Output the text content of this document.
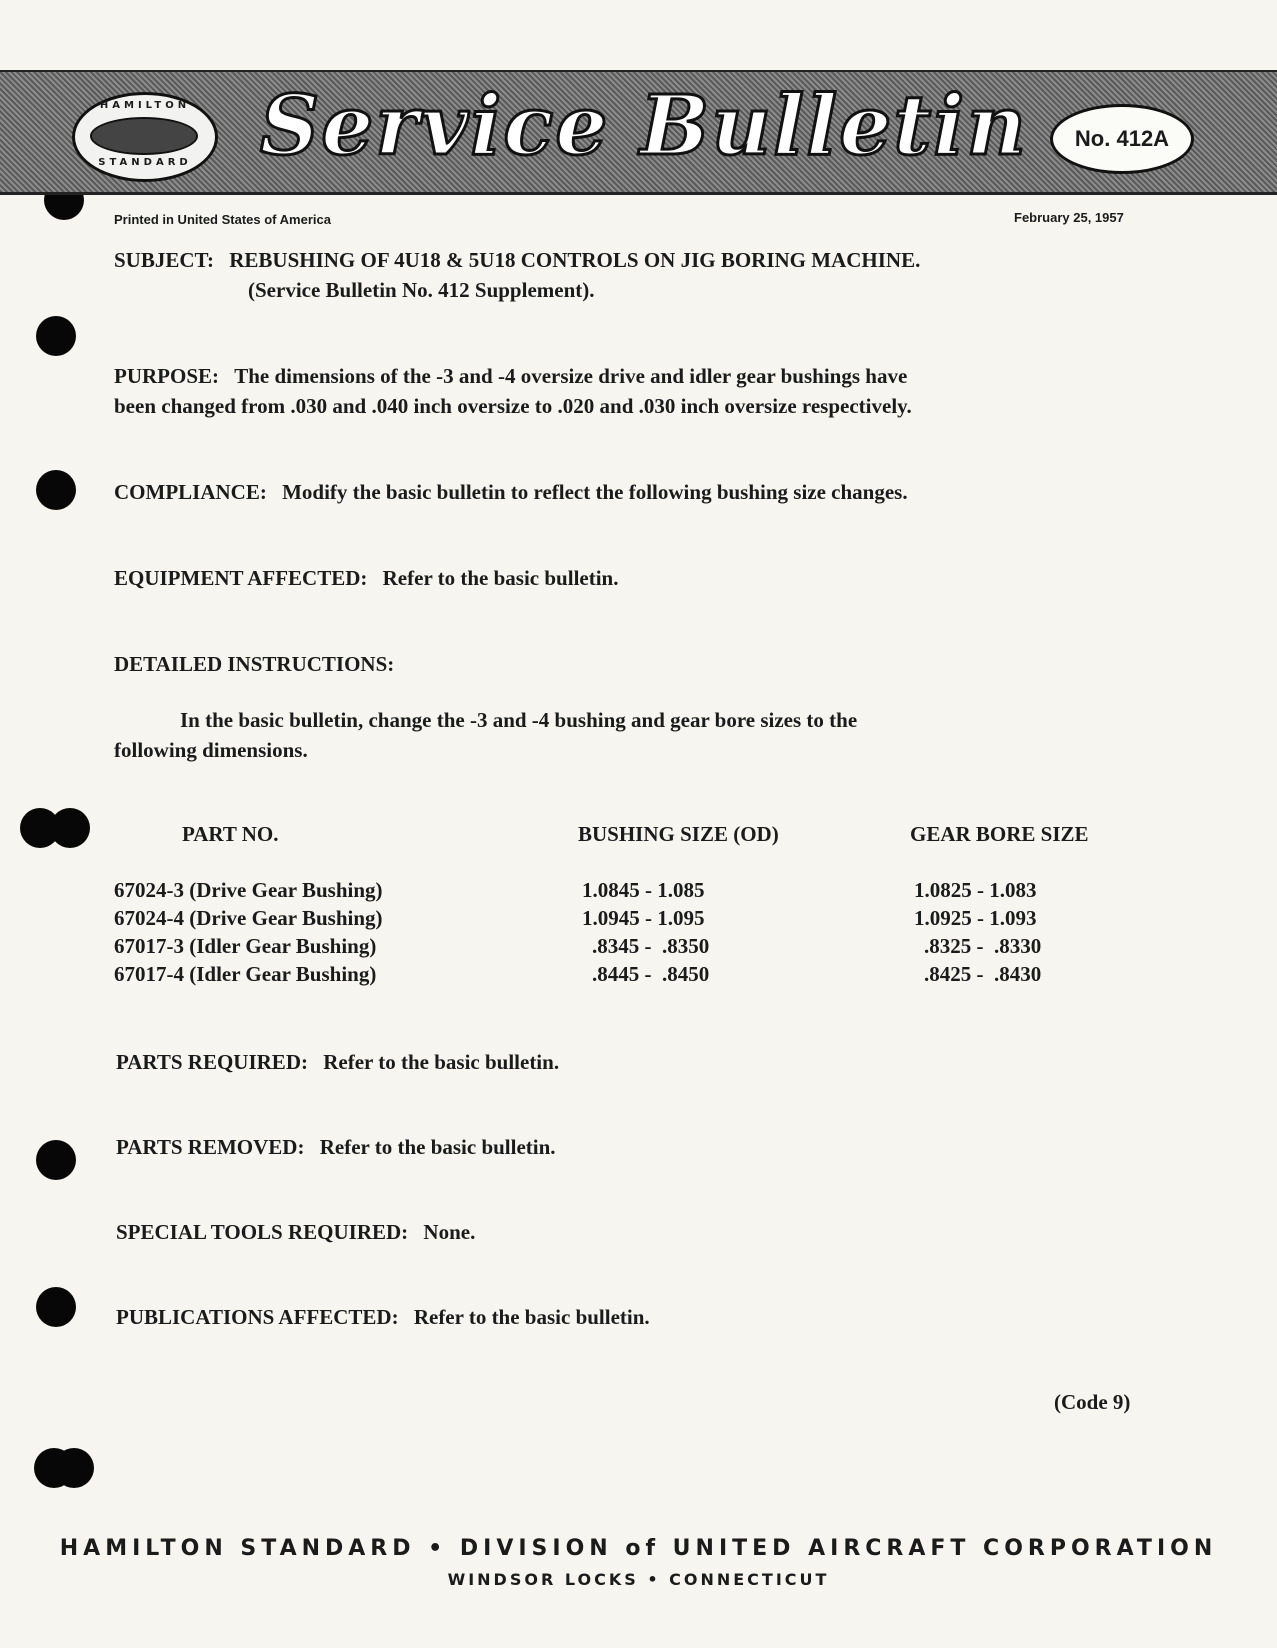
HAMILTON
STANDARD Service Bulletin	No. 412A
Printed in United States of America	February 25, 1957
SUBJECT: REBUSHING OF 4U18 & 5U18 CONTROLS ON JIG BORING MACHINE.
(Service Bulletin No. 412 Supplement).
PURPOSE: The dimensions of the -3 and -4 oversize drive and idler gear bushings have
been changed from .030 and .040 inch oversize to .020 and .030 inch oversize respectively.
COMPLIANCE: Modify the basic bulletin to reflect the following bushing size changes.
EQUIPMENT AFFECTED: Refer to the basic bulletin.
DETAILED INSTRUCTIONS:
In the basic bulletin, change the -3 and -4 bushing and gear bore sizes to the
following dimensions.
PART NO.	BUSHING SIZE (OD)	GEAR BORE SIZE
67024-3 (Drive Gear Bushing)	1.0845 - 1.085	1.0825 - 1.083
67024-4 (Drive Gear Bushing)	1.0945 - 1.095	1.0925 - 1.093
67017-3 (Idler Gear Bushing)	.8345 -  .8350	.8325 -  .8330
67017-4 (Idler Gear Bushing)	.8445 -  .8450	.8425 -  .8430
PARTS REQUIRED: Refer to the basic bulletin.
PARTS REMOVED: Refer to the basic bulletin.
SPECIAL TOOLS REQUIRED: None.
PUBLICATIONS AFFECTED: Refer to the basic bulletin.
(Code 9)
HAMILTON STANDARD • DIVISION of UNITED AIRCRAFT CORPORATION
WINDSOR LOCKS • CONNECTICUT
